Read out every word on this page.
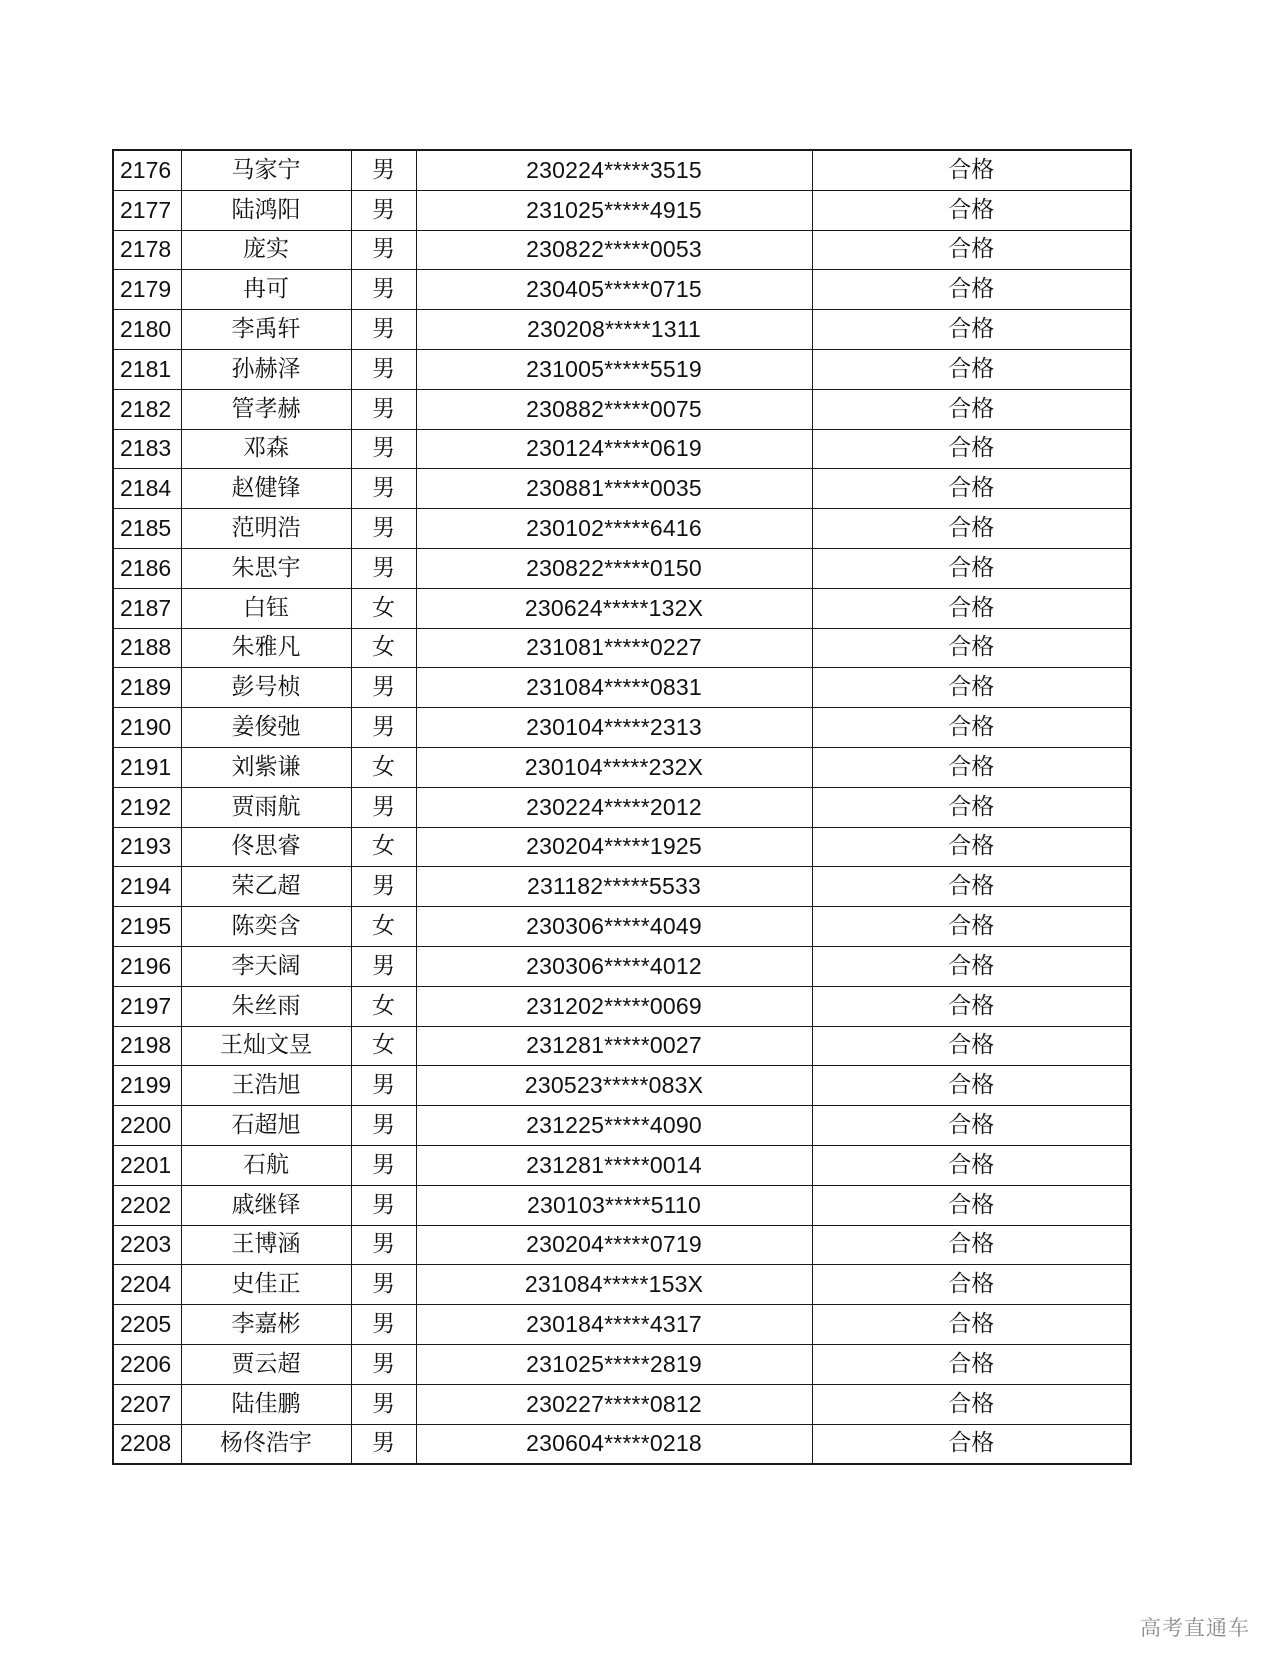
2176	马家宁	男	230224*****3515	合格
2177	陆鸿阳	男	231025*****4915	合格
2178	庞实	男	230822*****0053	合格
2179	冉可	男	230405*****0715	合格
2180	李禹轩	男	230208*****1311	合格
2181	孙赫泽	男	231005*****5519	合格
2182	管孝赫	男	230882*****0075	合格
2183	邓森	男	230124*****0619	合格
2184	赵健锋	男	230881*****0035	合格
2185	范明浩	男	230102*****6416	合格
2186	朱思宇	男	230822*****0150	合格
2187	白钰	女	230624*****132X	合格
2188	朱雅凡	女	231081*****0227	合格
2189	彭号桢	男	231084*****0831	合格
2190	姜俊弛	男	230104*****2313	合格
2191	刘紫谦	女	230104*****232X	合格
2192	贾雨航	男	230224*****2012	合格
2193	佟思睿	女	230204*****1925	合格
2194	荣乙超	男	231182*****5533	合格
2195	陈奕含	女	230306*****4049	合格
2196	李天阔	男	230306*****4012	合格
2197	朱丝雨	女	231202*****0069	合格
2198	王灿文昱	女	231281*****0027	合格
2199	王浩旭	男	230523*****083X	合格
2200	石超旭	男	231225*****4090	合格
2201	石航	男	231281*****0014	合格
2202	戚继铎	男	230103*****5110	合格
2203	王博涵	男	230204*****0719	合格
2204	史佳正	男	231084*****153X	合格
2205	李嘉彬	男	230184*****4317	合格
2206	贾云超	男	231025*****2819	合格
2207	陆佳鹏	男	230227*****0812	合格
2208	杨佟浩宇	男	230604*****0218	合格
高考直通车
